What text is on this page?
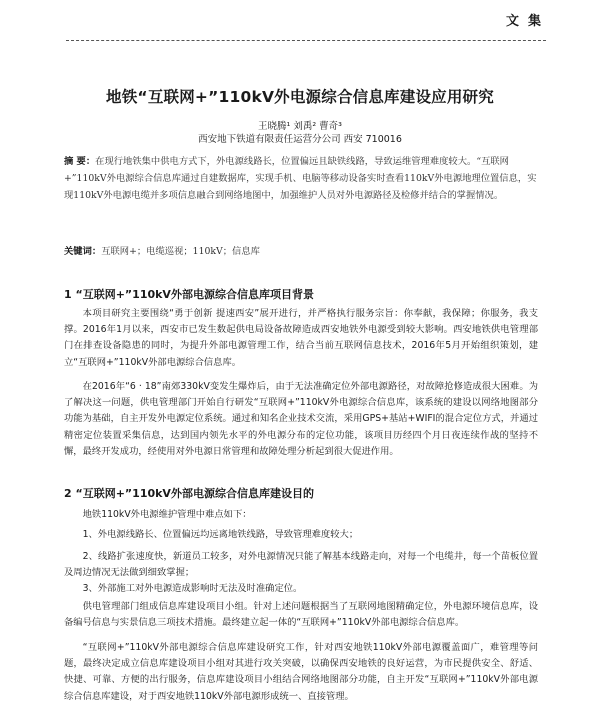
文集
地铁“互联网+”110kV外电源综合信息库建设应用研究
王晓腾¹ 刘禹² 曹奇³
西安地下铁道有限责任运营分公司 西安 710016
摘 要：在现行地铁集中供电方式下，外电源线路长，位置偏远且缺铁线路，导致运维管理难度较大。“互联网+”110kV外电源综合信息库通过自建数据库，实现手机、电脑等移动设备实时查看110kV外电源地理位置信息，实现110kV外电源电缆并多项信息融合到网络地图中，加强维护人员对外电源路径及检修并结合的掌握情况。
关键词：互联网+；电缆巡视；110kV；信息库
1 “互联网+”110kV外部电源综合信息库项目背景
本项目研究主要围绕“勇于创新 提速西安”展开进行，并严格执行服务宗旨：你奉献，我保障；你服务，我支撑。2016年1月以来，西安市已发生数起供电局设备故障造成西安地铁外电源受到较大影响。西安地铁供电管理部门在排查设备隐患的同时，为提升外部电源管理工作，结合当前互联网信息技术，2016年5月开始组织策划，建立“互联网+”110kV外部电源综合信息库。
在2016年“6 · 18”南郊330kV变发生爆炸后，由于无法准确定位外部电源路径，对故障抢修造成很大困难。为了解决这一问题，供电管理部门开始自行研发“互联网+”110kV外电源综合信息库，该系统的建设以网络地图部分功能为基础，自主开发外电源定位系统。通过和知名企业技术交流，采用GPS+基站+WIFI的混合定位方式，并通过精密定位装置采集信息，达到国内领先水平的外电源分布的定位功能，该项目历经四个月日夜连续作战的坚持不懈，最终开发成功，经使用对外电源日常管理和故障处理分析起到很大促进作用。
2 “互联网+”110kV外部电源综合信息库建设目的
地铁110kV外电源维护管理中难点如下：
1、外电源线路长、位置偏远均远离地铁线路，导致管理难度较大；
2、线路扩张速度快，新道员工较多，对外电源情况只能了解基本线路走向，对每一个电缆井，每一个苗板位置及周边情况无法做到细致掌握；
3、外部施工对外电源造成影响时无法及时准确定位。
供电管理部门组成信息库建设项目小组。针对上述问题根据当了互联网地图精确定位，外电源环境信息库，设备编号信息与实景信息三项技术措施。最终建立起一体的“互联网+”110kV外部电源综合信息库。
“互联网+”110kV外部电源综合信息库建设研究工作，针对西安地铁110kV外部电源覆盖面广，难管理等问题，最终决定成立信息库建设项目小组对其进行攻关突破，以确保西安地铁的良好运营，为市民提供安全、舒适、快捷、可靠、方便的出行服务，信息库建设项目小组结合网络地图部分功能，自主开发“互联网+”110kV外部电源综合信息库建设，对于西安地铁110kV外部电源形成统一、直接管理。
